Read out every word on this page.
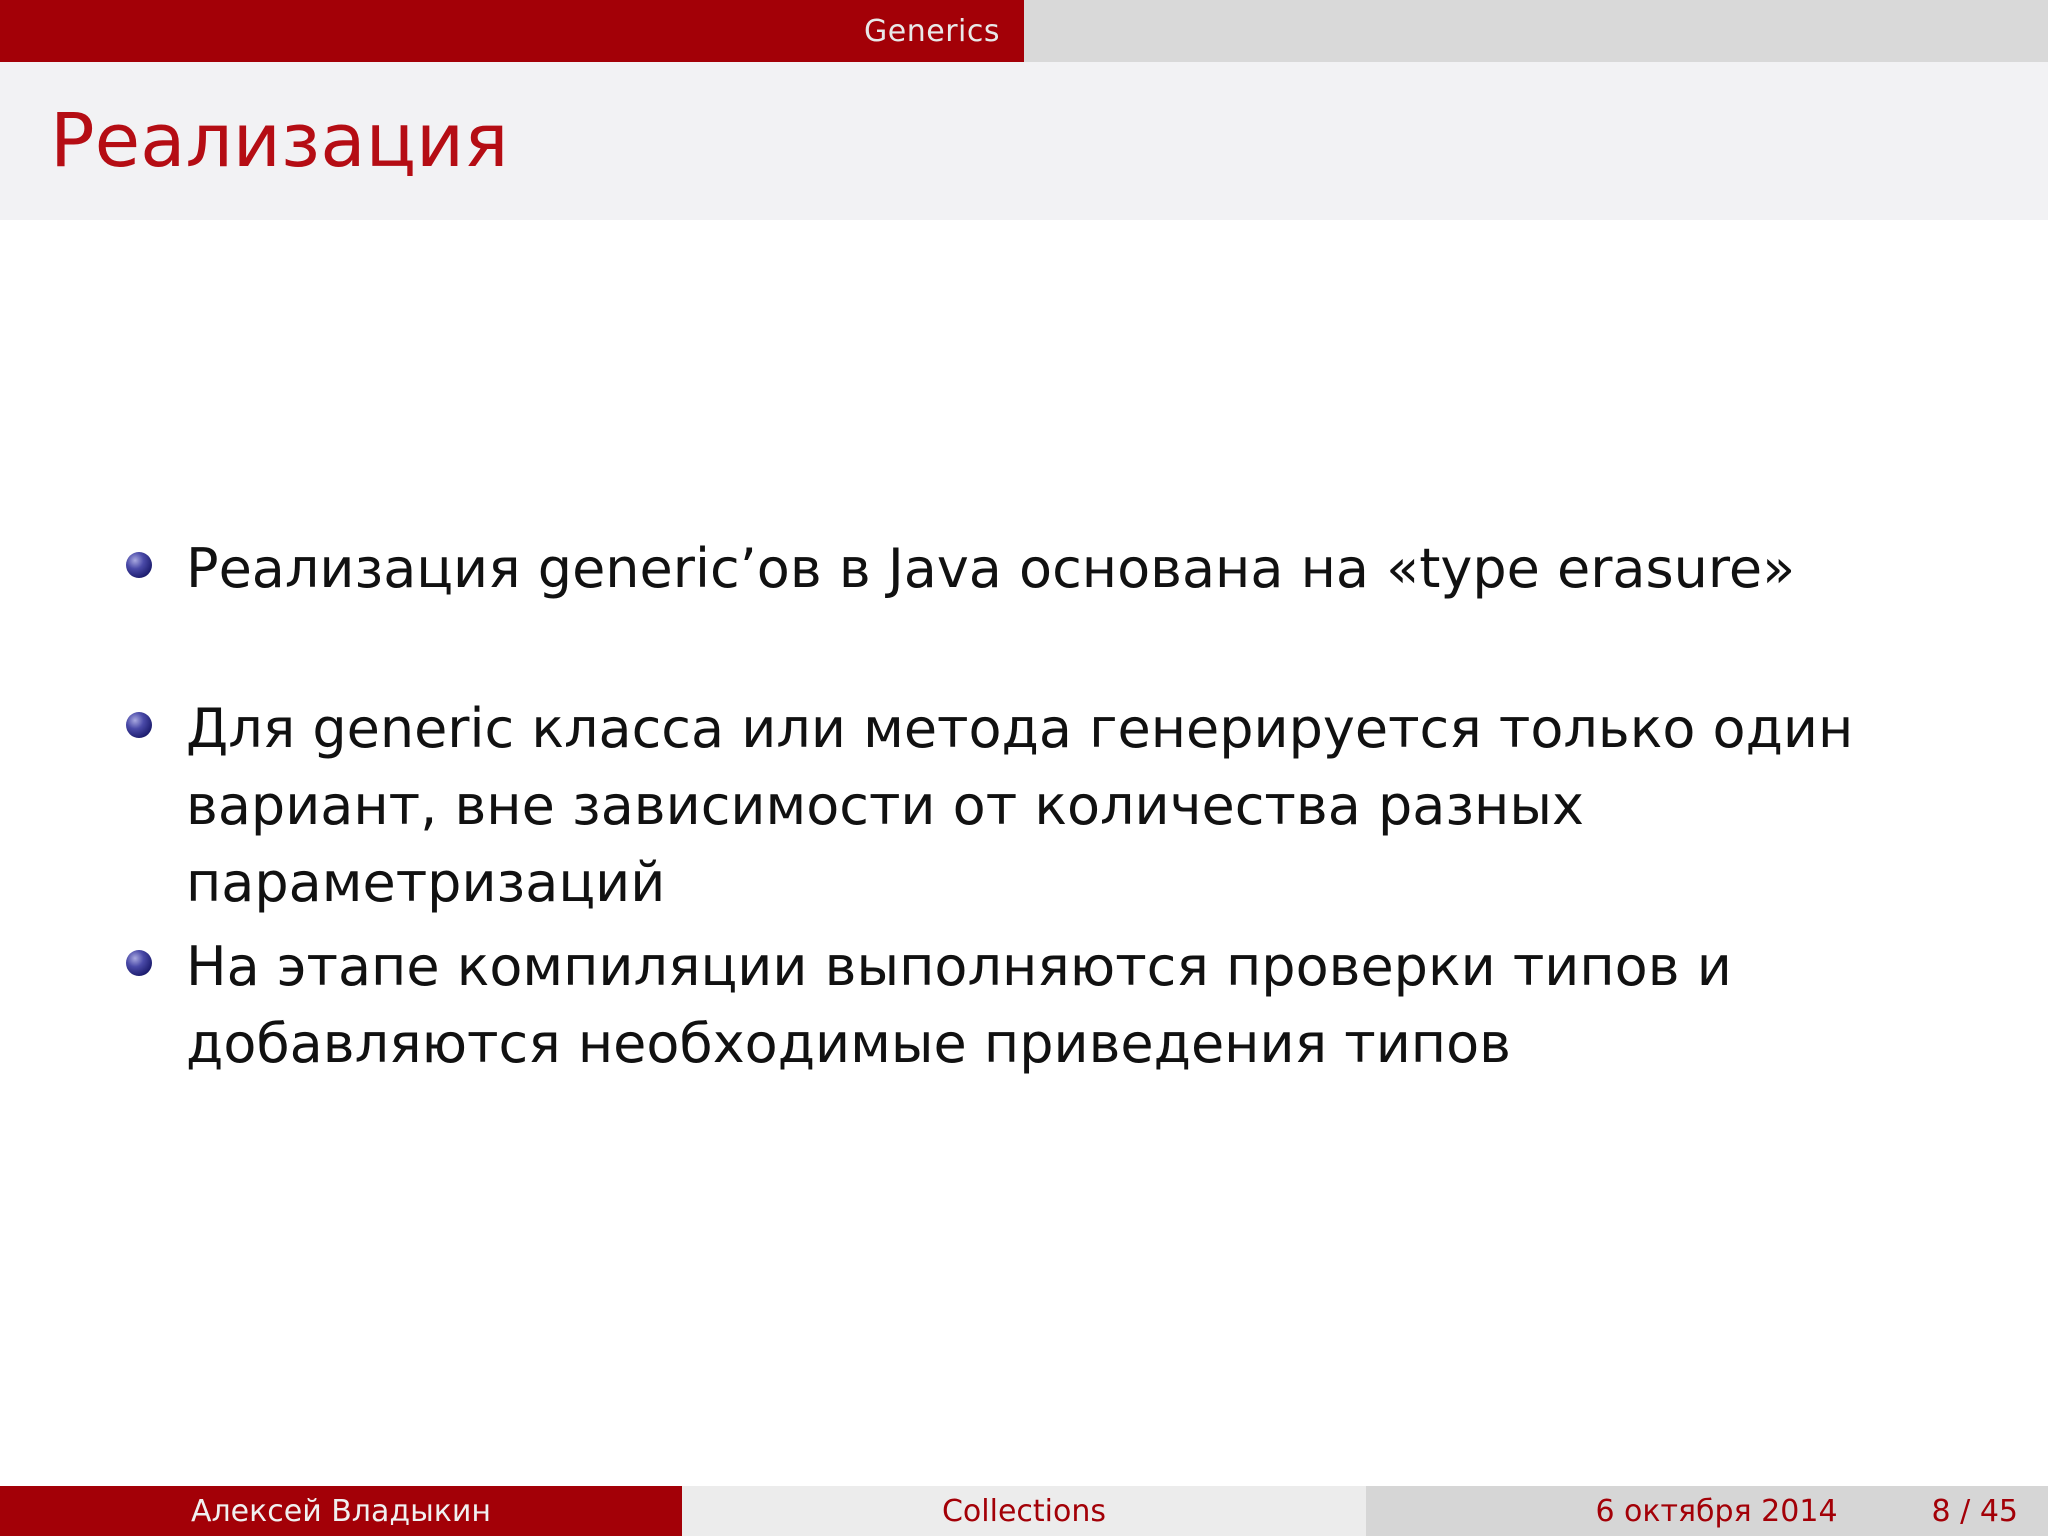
Generics
Реализация
Реализация generic’ов в Java основана на «type erasure»
Для generic класса или метода генерируется только один вариант, вне зависимости от количества разных параметризаций
На этапе компиляции выполняются проверки типов и добавляются необходимые приведения типов
Алексей Владыкин	Collections	6 октября 2014	8 / 45
